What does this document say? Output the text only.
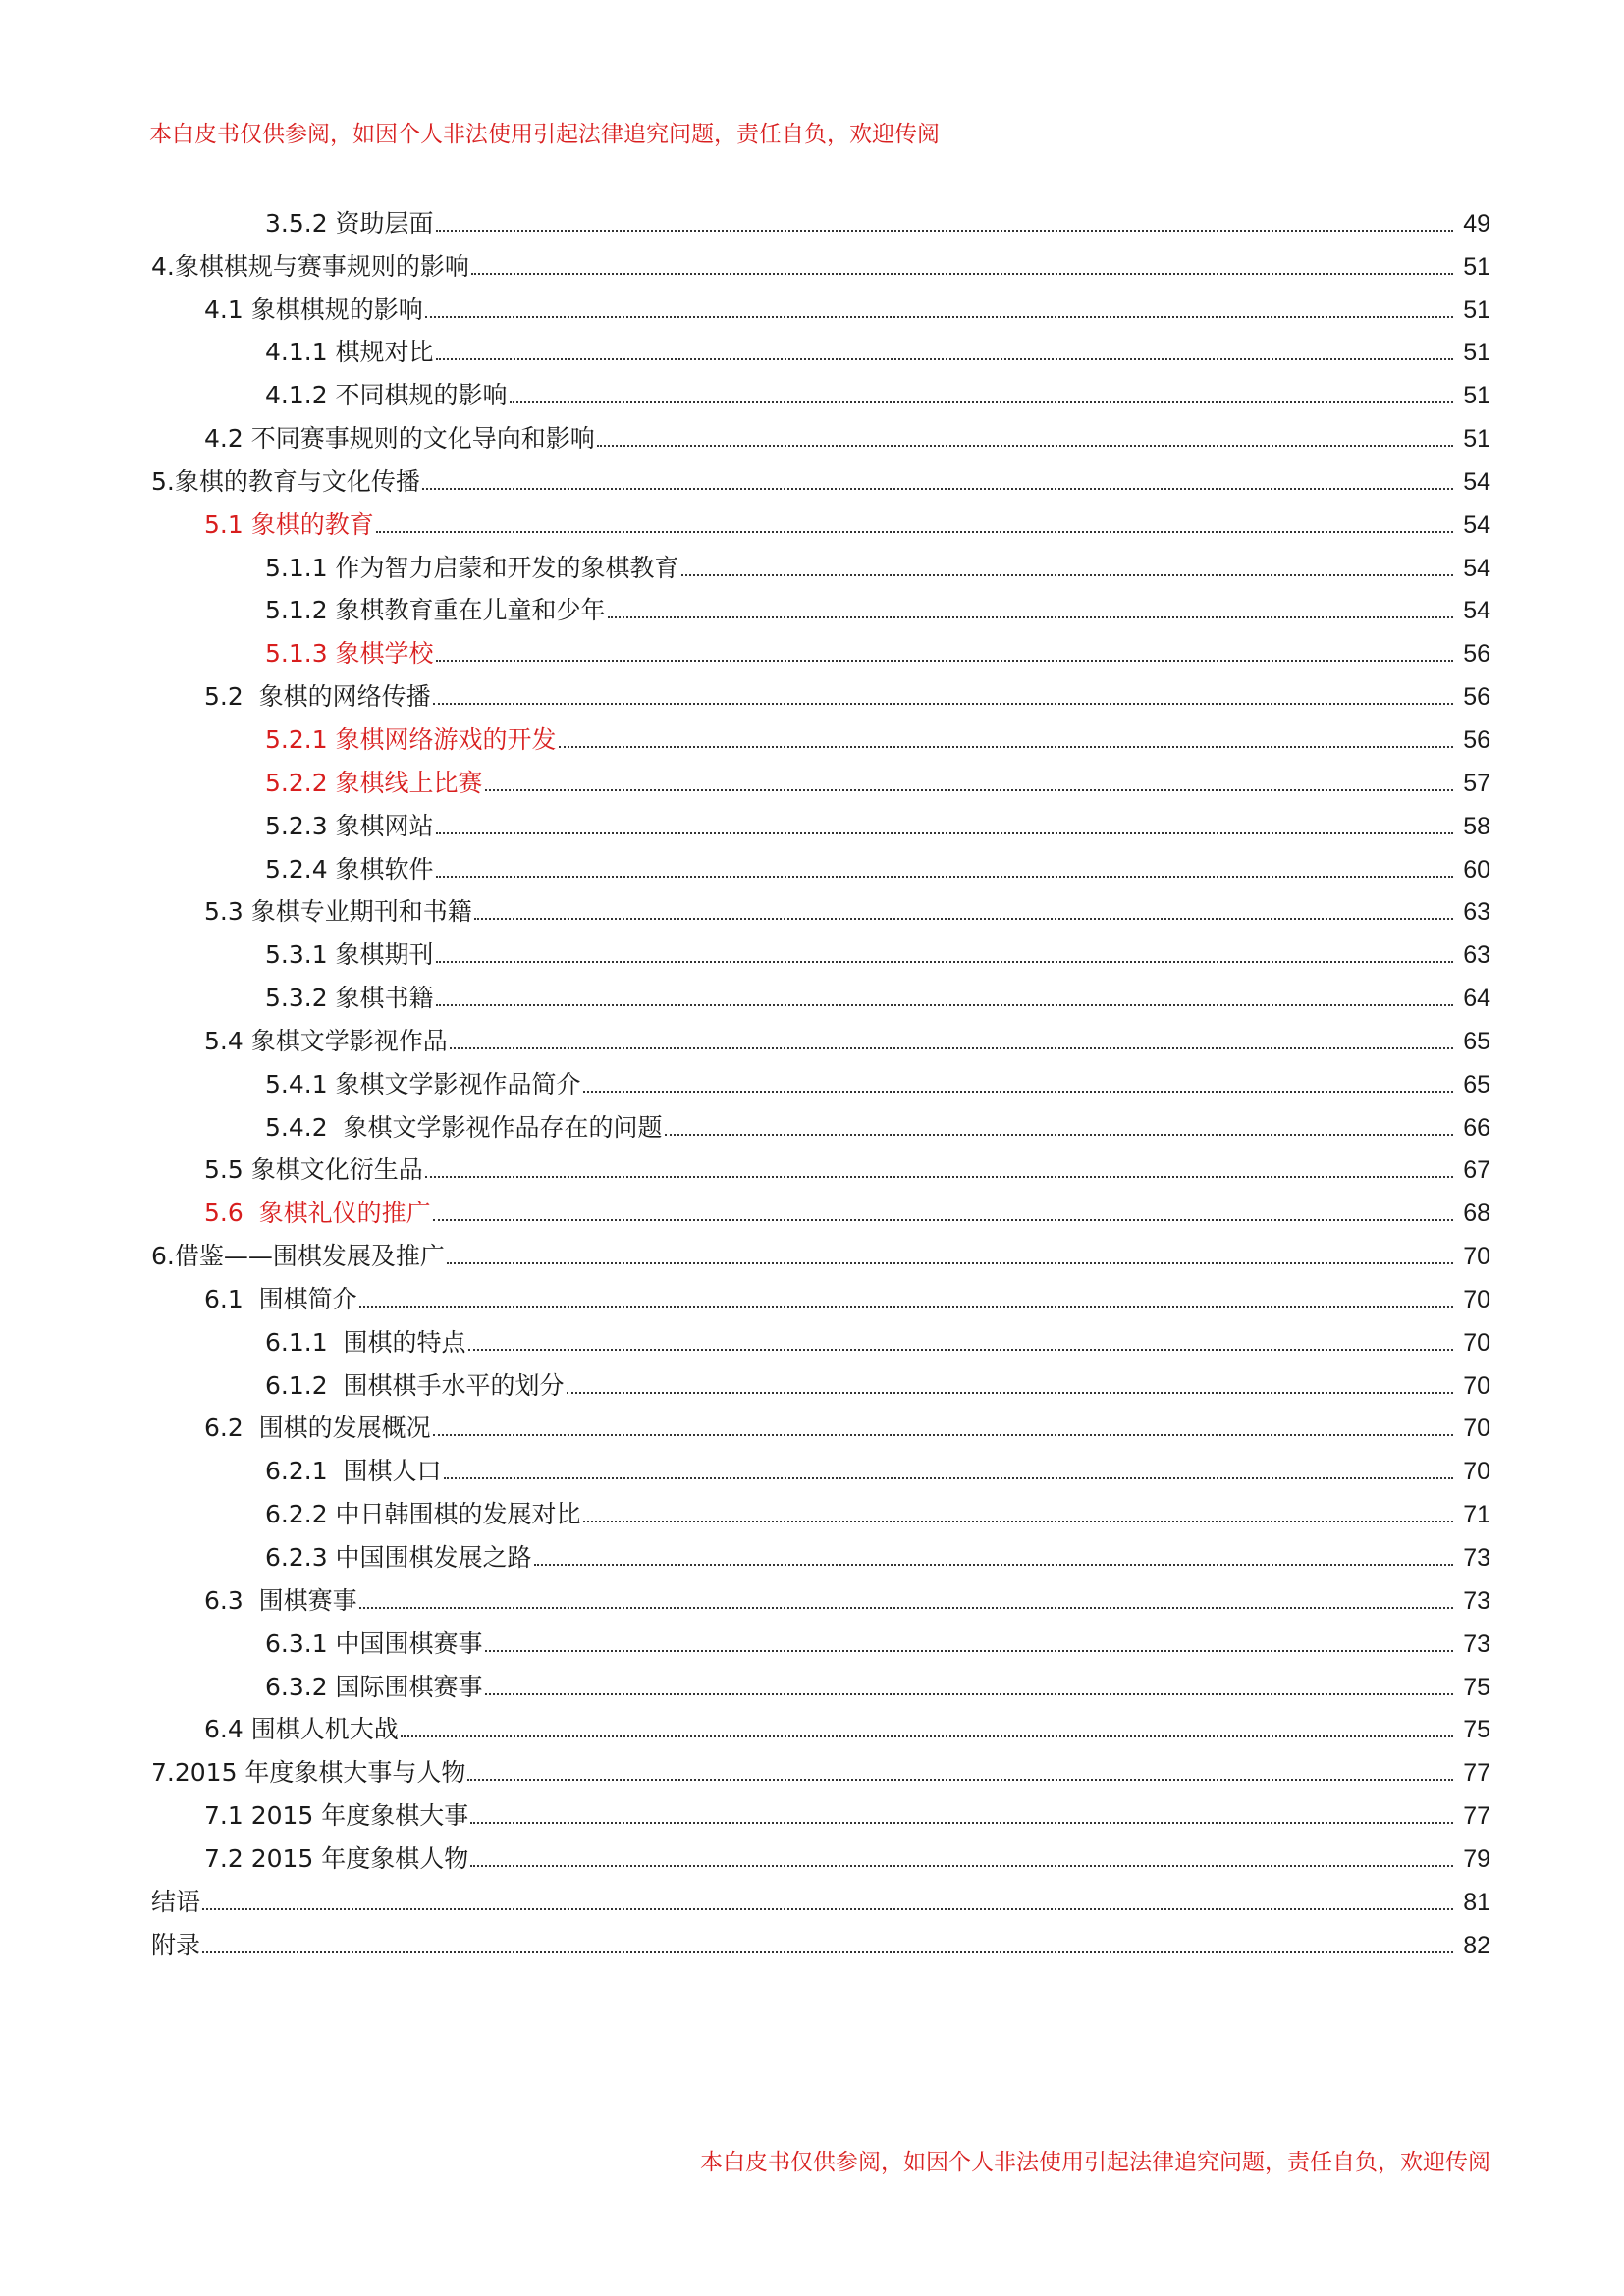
本白皮书仅供参阅，如因个人非法使用引起法律追究问题，责任自负，欢迎传阅
3.5.2 资助层面	49
4.象棋棋规与赛事规则的影响	51
4.1 象棋棋规的影响	51
4.1.1 棋规对比	51
4.1.2 不同棋规的影响	51
4.2 不同赛事规则的文化导向和影响	51
5.象棋的教育与文化传播	54
5.1 象棋的教育	54
5.1.1 作为智力启蒙和开发的象棋教育	54
5.1.2 象棋教育重在儿童和少年	54
5.1.3 象棋学校	56
5.2  象棋的网络传播	56
5.2.1 象棋网络游戏的开发	56
5.2.2 象棋线上比赛	57
5.2.3 象棋网站	58
5.2.4 象棋软件	60
5.3 象棋专业期刊和书籍	63
5.3.1 象棋期刊	63
5.3.2 象棋书籍	64
5.4 象棋文学影视作品	65
5.4.1 象棋文学影视作品简介	65
5.4.2  象棋文学影视作品存在的问题	66
5.5 象棋文化衍生品	67
5.6  象棋礼仪的推广	68
6.借鉴——围棋发展及推广	70
6.1  围棋简介	70
6.1.1  围棋的特点	70
6.1.2  围棋棋手水平的划分	70
6.2  围棋的发展概况	70
6.2.1  围棋人口	70
6.2.2 中日韩围棋的发展对比	71
6.2.3 中国围棋发展之路	73
6.3  围棋赛事	73
6.3.1 中国围棋赛事	73
6.3.2 国际围棋赛事	75
6.4 围棋人机大战	75
7.2015 年度象棋大事与人物	77
7.1 2015 年度象棋大事	77
7.2 2015 年度象棋人物	79
结语	81
附录	82
本白皮书仅供参阅，如因个人非法使用引起法律追究问题，责任自负，欢迎传阅
